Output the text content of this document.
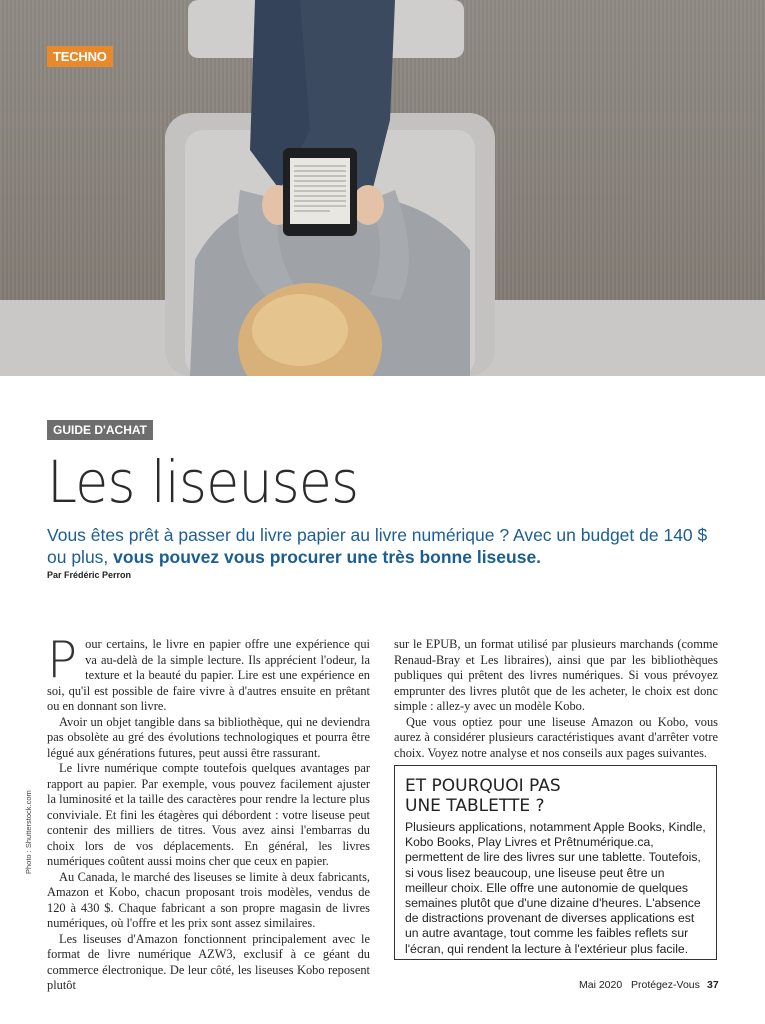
TECHNO
GUIDE D'ACHAT
Les liseuses

Vous êtes prêt à passer du livre papier au livre numérique ? Avec un budget de 140 $ ou plus, vous pouvez vous procurer une très bonne liseuse.

Par Frédéric Perron
P our certains, le livre en papier offre une expérience qui va au-delà de la simple lecture. Ils apprécient l'odeur, la texture et la beauté du papier. Lire est une expérience en soi, qu'il est possible de faire vivre à d'autres ensuite en prêtant ou en donnant son livre.

Avoir un objet tangible dans sa bibliothèque, qui ne deviendra pas obsolète au gré des évolutions technologiques et pourra être légué aux générations futures, peut aussi être rassurant.

Le livre numérique compte toutefois quelques avantages par rapport au papier. Par exemple, vous pouvez facilement ajuster la luminosité et la taille des caractères pour rendre la lecture plus conviviale. Et fini les étagères qui débordent : votre liseuse peut contenir des milliers de titres. Vous avez ainsi l'embarras du choix lors de vos déplacements. En général, les livres numériques coûtent aussi moins cher que ceux en papier.

Au Canada, le marché des liseuses se limite à deux fabricants, Amazon et Kobo, chacun proposant trois modèles, vendus de 120 à 430 $. Chaque fabricant a son propre magasin de livres numériques, où l'offre et les prix sont assez similaires.

Les liseuses d'Amazon fonctionnent principalement avec le format de livre numérique AZW3, exclusif à ce géant du commerce électronique. De leur côté, les liseuses Kobo reposent plutôt

sur le EPUB, un format utilisé par plusieurs marchands (comme Renaud-Bray et Les libraires), ainsi que par les bibliothèques publiques qui prêtent des livres numériques. Si vous prévoyez emprunter des livres plutôt que de les acheter, le choix est donc simple : allez-y avec un modèle Kobo.

Que vous optiez pour une liseuse Amazon ou Kobo, vous aurez à considérer plusieurs caractéristiques avant d'arrêter votre choix. Voyez notre analyse et nos conseils aux pages suivantes.

ET POURQUOI PAS UNE TABLETTE ?

Plusieurs applications, notamment Apple Books, Kindle, Kobo Books, Play Livres et Prêtnumérique.ca, permettent de lire des livres sur une tablette. Toutefois, si vous lisez beaucoup, une liseuse peut être un meilleur choix. Elle offre une autonomie de quelques semaines plutôt que d'une dizaine d'heures. L'absence de distractions provenant de diverses applications est un autre avantage, tout comme les faibles reflets sur l'écran, qui rendent la lecture à l'extérieur plus facile.

Photo : Shutterstock.com
Mai 2020 Protégez-Vous 37
